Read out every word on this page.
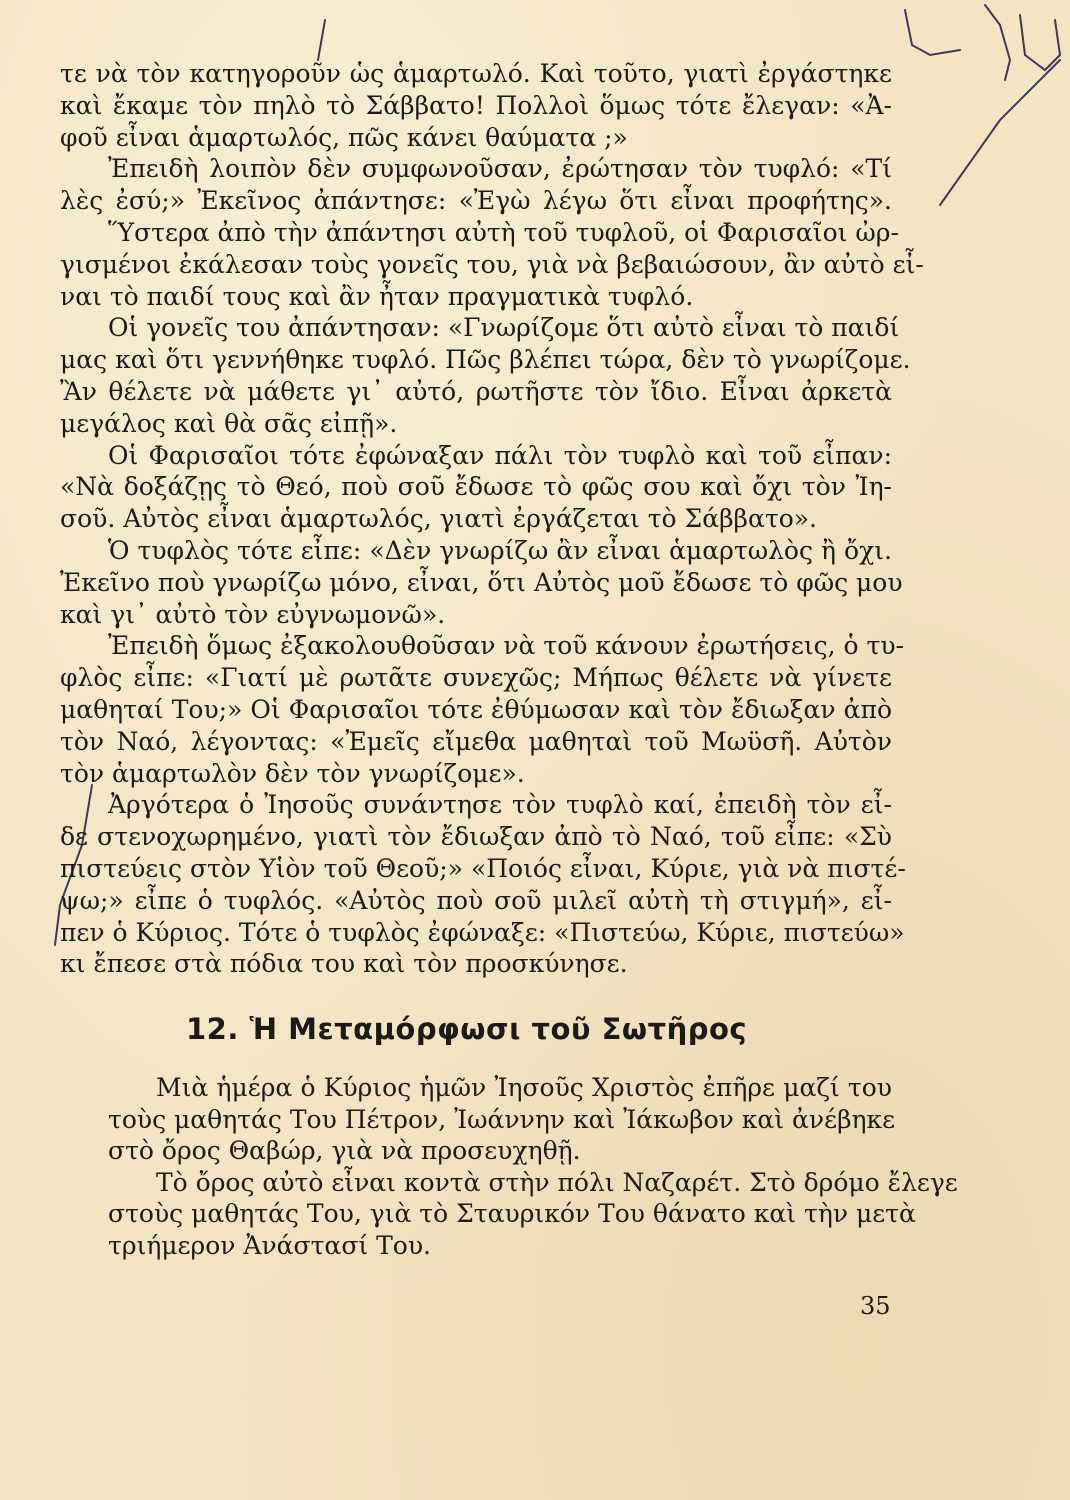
τε νὰ τὸν κατηγοροῦν ὡς ἁμαρτωλό. Καὶ τοῦτο, γιατὶ ἐργάστηκε
καὶ ἔκαμε τὸν πηλὸ τὸ Σάββατο! Πολλοὶ ὅμως τότε ἔλεγαν: «Ἀ-
φοῦ εἶναι ἁμαρτωλός, πῶς κάνει θαύματα ;»
Ἐπειδὴ λοιπὸν δὲν συμφωνοῦσαν, ἐρώτησαν τὸν τυφλό: «Τί
λὲς ἐσύ;» Ἐκεῖνος ἀπάντησε: «Ἐγὼ λέγω ὅτι εἶναι προφήτης».
Ὕστερα ἀπὸ τὴν ἀπάντησι αὐτὴ τοῦ τυφλοῦ, οἱ Φαρισαῖοι ὠρ-
γισμένοι ἐκάλεσαν τοὺς γονεῖς του, γιὰ νὰ βεβαιώσουν, ἂν αὐτὸ εἶ-
ναι τὸ παιδί τους καὶ ἂν ἦταν πραγματικὰ τυφλό.
Οἱ γονεῖς του ἀπάντησαν: «Γνωρίζομε ὅτι αὐτὸ εἶναι τὸ παιδί
μας καὶ ὅτι γεννήθηκε τυφλό. Πῶς βλέπει τώρα, δὲν τὸ γνωρίζομε.
Ἂν θέλετε νὰ μάθετε γι᾿ αὐτό, ρωτῆστε τὸν ἴδιο. Εἶναι ἀρκετὰ
μεγάλος καὶ θὰ σᾶς εἰπῇ».
Οἱ Φαρισαῖοι τότε ἐφώναξαν πάλι τὸν τυφλὸ καὶ τοῦ εἶπαν:
«Νὰ δοξάζῃς τὸ Θεό, ποὺ σοῦ ἔδωσε τὸ φῶς σου καὶ ὄχι τὸν Ἰη-
σοῦ. Αὐτὸς εἶναι ἁμαρτωλός, γιατὶ ἐργάζεται τὸ Σάββατο».
Ὁ τυφλὸς τότε εἶπε: «Δὲν γνωρίζω ἂν εἶναι ἁμαρτωλὸς ἢ ὄχι.
Ἐκεῖνο ποὺ γνωρίζω μόνο, εἶναι, ὅτι Αὐτὸς μοῦ ἔδωσε τὸ φῶς μου
καὶ γι᾿ αὐτὸ τὸν εὐγνωμονῶ».
Ἐπειδὴ ὅμως ἐξακολουθοῦσαν νὰ τοῦ κάνουν ἐρωτήσεις, ὁ τυ-
φλὸς εἶπε: «Γιατί μὲ ρωτᾶτε συνεχῶς; Μήπως θέλετε νὰ γίνετε
μαθηταί Του;» Οἱ Φαρισαῖοι τότε ἐθύμωσαν καὶ τὸν ἔδιωξαν ἀπὸ
τὸν Ναό, λέγοντας: «Ἐμεῖς εἴμεθα μαθηταὶ τοῦ Μωϋσῆ. Αὐτὸν
τὸν ἁμαρτωλὸν δὲν τὸν γνωρίζομε».
Ἀργότερα ὁ Ἰησοῦς συνάντησε τὸν τυφλὸ καί, ἐπειδὴ τὸν εἶ-
δε στενοχωρημένο, γιατὶ τὸν ἔδιωξαν ἀπὸ τὸ Ναό, τοῦ εἶπε: «Σὺ
πιστεύεις στὸν Υἱὸν τοῦ Θεοῦ;» «Ποιός εἶναι, Κύριε, γιὰ νὰ πιστέ-
ψω;» εἶπε ὁ τυφλός. «Αὐτὸς ποὺ σοῦ μιλεῖ αὐτὴ τὴ στιγμή», εἶ-
πεν ὁ Κύριος. Τότε ὁ τυφλὸς ἐφώναξε: «Πιστεύω, Κύριε, πιστεύω»
κι ἔπεσε στὰ πόδια του καὶ τὸν προσκύνησε.
12. Ἡ Μεταμόρφωσι τοῦ Σωτῆρος
Μιὰ ἡμέρα ὁ Κύριος ἡμῶν Ἰησοῦς Χριστὸς ἐπῆρε μαζί του
τοὺς μαθητάς Του Πέτρον, Ἰωάννην καὶ Ἰάκωβον καὶ ἀνέβηκε
στὸ ὄρος Θαβώρ, γιὰ νὰ προσευχηθῇ.
Τὸ ὄρος αὐτὸ εἶναι κοντὰ στὴν πόλι Ναζαρέτ. Στὸ δρόμο ἔλεγε
στοὺς μαθητάς Του, γιὰ τὸ Σταυρικόν Του θάνατο καὶ τὴν μετὰ
τριήμερον Ἀνάστασί Του.
35
